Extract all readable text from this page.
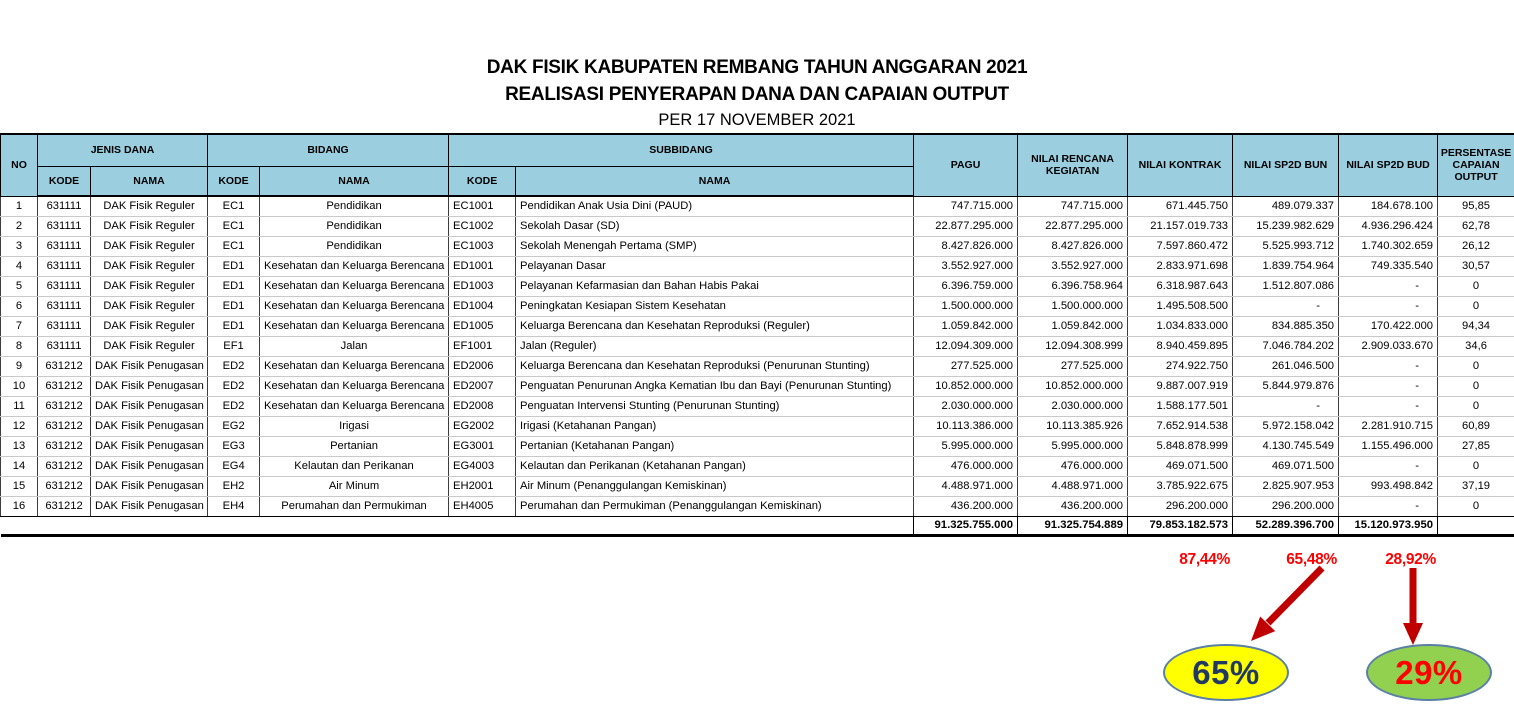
DAK FISIK KABUPATEN REMBANG TAHUN ANGGARAN 2021
REALISASI PENYERAPAN DANA DAN CAPAIAN OUTPUT
PER 17 NOVEMBER 2021
NO	JENIS DANA		BIDANG		SUBBIDANG		PAGU	NILAI RENCANA KEGIATAN	NILAI KONTRAK	NILAI SP2D BUN	NILAI SP2D BUD	PERSENTASE CAPAIAN OUTPUT
	KODE	NAMA	KODE	NAMA	KODE	NAMA						
1	631111	DAK Fisik Reguler	EC1	Pendidikan	EC1001	Pendidikan Anak Usia Dini (PAUD)	747.715.000	747.715.000	671.445.750	489.079.337	184.678.100	95,85
2	631111	DAK Fisik Reguler	EC1	Pendidikan	EC1002	Sekolah Dasar (SD)	22.877.295.000	22.877.295.000	21.157.019.733	15.239.982.629	4.936.296.424	62,78
3	631111	DAK Fisik Reguler	EC1	Pendidikan	EC1003	Sekolah Menengah Pertama (SMP)	8.427.826.000	8.427.826.000	7.597.860.472	5.525.993.712	1.740.302.659	26,12
4	631111	DAK Fisik Reguler	ED1	Kesehatan dan Keluarga Berencana	ED1001	Pelayanan Dasar	3.552.927.000	3.552.927.000	2.833.971.698	1.839.754.964	749.335.540	30,57
5	631111	DAK Fisik Reguler	ED1	Kesehatan dan Keluarga Berencana	ED1003	Pelayanan Kefarmasian dan Bahan Habis Pakai	6.396.759.000	6.396.758.964	6.318.987.643	1.512.807.086	-	0
6	631111	DAK Fisik Reguler	ED1	Kesehatan dan Keluarga Berencana	ED1004	Peningkatan Kesiapan Sistem Kesehatan	1.500.000.000	1.500.000.000	1.495.508.500	-	-	0
7	631111	DAK Fisik Reguler	ED1	Kesehatan dan Keluarga Berencana	ED1005	Keluarga Berencana dan Kesehatan Reproduksi (Reguler)	1.059.842.000	1.059.842.000	1.034.833.000	834.885.350	170.422.000	94,34
8	631111	DAK Fisik Reguler	EF1	Jalan	EF1001	Jalan (Reguler)	12.094.309.000	12.094.308.999	8.940.459.895	7.046.784.202	2.909.033.670	34,6
9	631212	DAK Fisik Penugasan	ED2	Kesehatan dan Keluarga Berencana	ED2006	Keluarga Berencana dan Kesehatan Reproduksi (Penurunan Stunting)	277.525.000	277.525.000	274.922.750	261.046.500	-	0
10	631212	DAK Fisik Penugasan	ED2	Kesehatan dan Keluarga Berencana	ED2007	Penguatan Penurunan Angka Kematian Ibu dan Bayi (Penurunan Stunting)	10.852.000.000	10.852.000.000	9.887.007.919	5.844.979.876	-	0
11	631212	DAK Fisik Penugasan	ED2	Kesehatan dan Keluarga Berencana	ED2008	Penguatan Intervensi Stunting (Penurunan Stunting)	2.030.000.000	2.030.000.000	1.588.177.501	-	-	0
12	631212	DAK Fisik Penugasan	EG2	Irigasi	EG2002	Irigasi (Ketahanan Pangan)	10.113.386.000	10.113.385.926	7.652.914.538	5.972.158.042	2.281.910.715	60,89
13	631212	DAK Fisik Penugasan	EG3	Pertanian	EG3001	Pertanian (Ketahanan Pangan)	5.995.000.000	5.995.000.000	5.848.878.999	4.130.745.549	1.155.496.000	27,85
14	631212	DAK Fisik Penugasan	EG4	Kelautan dan Perikanan	EG4003	Kelautan dan Perikanan (Ketahanan Pangan)	476.000.000	476.000.000	469.071.500	469.071.500	-	0
15	631212	DAK Fisik Penugasan	EH2	Air Minum	EH2001	Air Minum (Penanggulangan Kemiskinan)	4.488.971.000	4.488.971.000	3.785.922.675	2.825.907.953	993.498.842	37,19
16	631212	DAK Fisik Penugasan	EH4	Perumahan dan Permukiman	EH4005	Perumahan dan Permukiman (Penanggulangan Kemiskinan)	436.200.000	436.200.000	296.200.000	296.200.000	-	0
							91.325.755.000	91.325.754.889	79.853.182.573	52.289.396.700	15.120.973.950	
87,44%	65,48%	28,92%
65%	29%
